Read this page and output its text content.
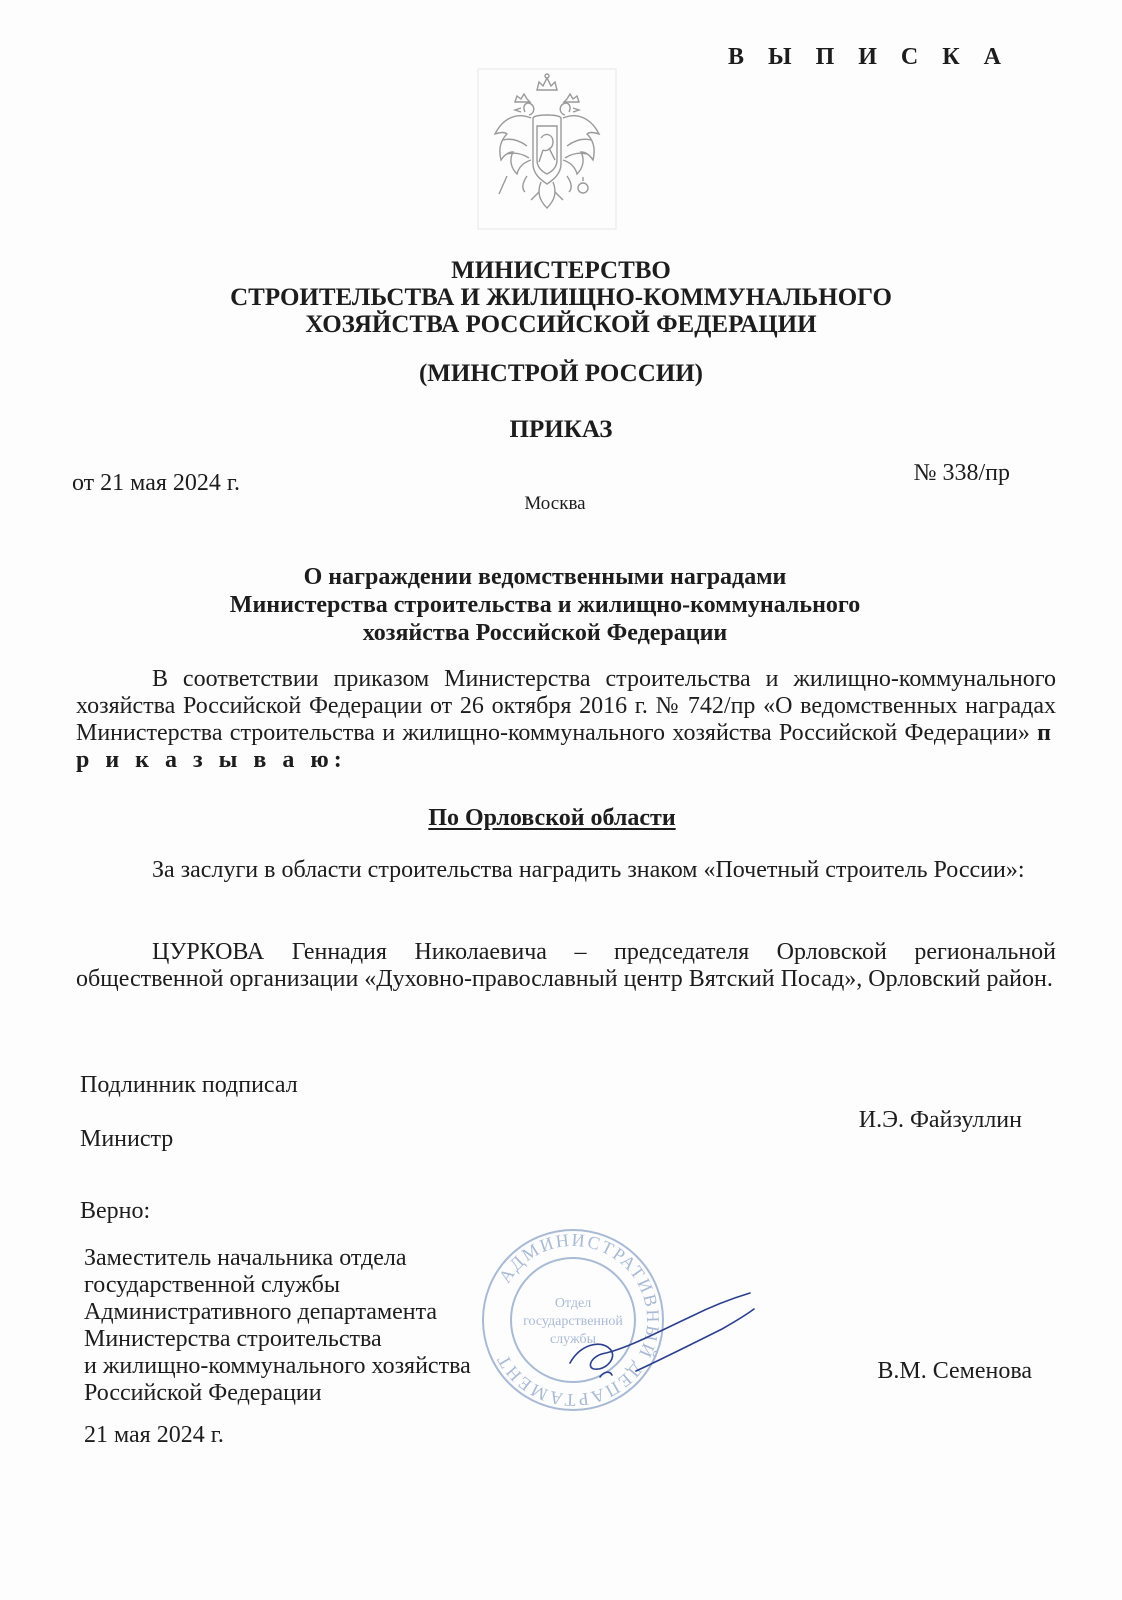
В Ы П И С К А
МИНИСТЕРСТВО
СТРОИТЕЛЬСТВА И ЖИЛИЩНО-КОММУНАЛЬНОГО
ХОЗЯЙСТВА РОССИЙСКОЙ ФЕДЕРАЦИИ
(МИНСТРОЙ РОССИИ)
ПРИКАЗ
от 21 мая 2024 г.	№ 338/пр
Москва
О награждении ведомственными наградами
Министерства строительства и жилищно-коммунального
хозяйства Российской Федерации
В соответствии приказом Министерства строительства и жилищно-коммунального хозяйства Российской Федерации от 26 октября 2016 г. № 742/пр «О ведомственных наградах Министерства строительства и жилищно-коммунального хозяйства Российской Федерации» п р и к а з ы в а ю:
По Орловской области
За заслуги в области строительства наградить знаком «Почетный строитель России»:
ЦУРКОВА Геннадия Николаевича – председателя Орловской региональной общественной организации «Духовно-православный центр Вятский Посад», Орловский район.
Подлинник подписал
Министр
И.Э. Файзуллин
Верно:
Заместитель начальника отдела
государственной службы
Административного департамента
Министерства строительства
и жилищно-коммунального хозяйства
Российской Федерации
АДМИНИСТРАТИВНЫЙ ДЕПАРТАМЕНТ
Отдел
государственной
службы
В.М. Семенова
21 мая 2024 г.
